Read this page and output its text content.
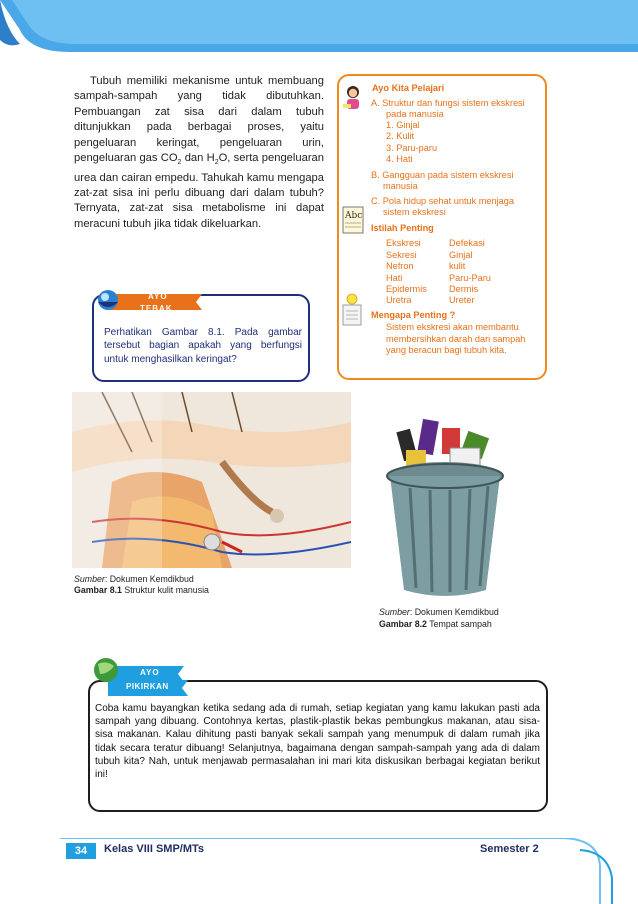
Tubuh memiliki mekanisme untuk membuang sampah-sampah yang tidak dibutuhkan. Pembuangan zat sisa dari dalam tubuh ditunjukkan pada berbagai proses, yaitu pengeluaran keringat, pengeluaran urin, pengeluaran gas $CO_2$ dan $H_2O$, serta pengeluaran urea dan cairan empedu. Tahukah kamu mengapa zat-zat sisa ini perlu dibuang dari dalam tubuh? Ternyata, zat-zat sisa metabolisme ini dapat meracuni tubuh jika tidak dikeluarkan.

Ayo Kita Pelajari
A. Struktur dan fungsi sistem ekskresi
pada manusia
1. Ginjal
2. Kulit
3. Paru-paru
4. Hati
B. Gangguan pada sistem ekskresi
manusia
C. Pola hidup sehat untuk menjaga
sistem ekskresi
Abc
Istilah Penting
Ekskresi
Sekresi
Nefron
Hati
Epidermis
Uretra
Defekasi
Ginjal
kulit
Paru-Paru
Dermis
Ureter
Mengapa Penting ?
Sistem ekskresi akan membantu
membersihkan darah dari sampah
yang beracun bagi tubuh kita.
AYO
TEBAK
Perhatikan Gambar 8.1. Pada gambar tersebut bagian apakah yang berfungsi untuk menghasilkan keringat?
Sumber: Dokumen Kemdikbud
Gambar 8.1 Struktur kulit manusia
Sumber: Dokumen Kemdikbud
Gambar 8.2 Tempat sampah
AYO
PIKIRKAN
Coba kamu bayangkan ketika sedang ada di rumah, setiap kegiatan yang kamu lakukan pasti ada sampah yang dibuang. Contohnya kertas, plastik-plastik bekas pembungkus makanan, atau sisa-sisa makanan. Kalau dihitung pasti banyak sekali sampah yang menumpuk di dalam rumah jika tidak secara teratur dibuang! Selanjutnya, bagaimana dengan sampah-sampah yang ada di dalam tubuh kita? Nah, untuk menjawab permasalahan ini mari kita diskusikan berbagai kegiatan berikut ini!
34	Kelas VIII SMP/MTs	Semester 2
